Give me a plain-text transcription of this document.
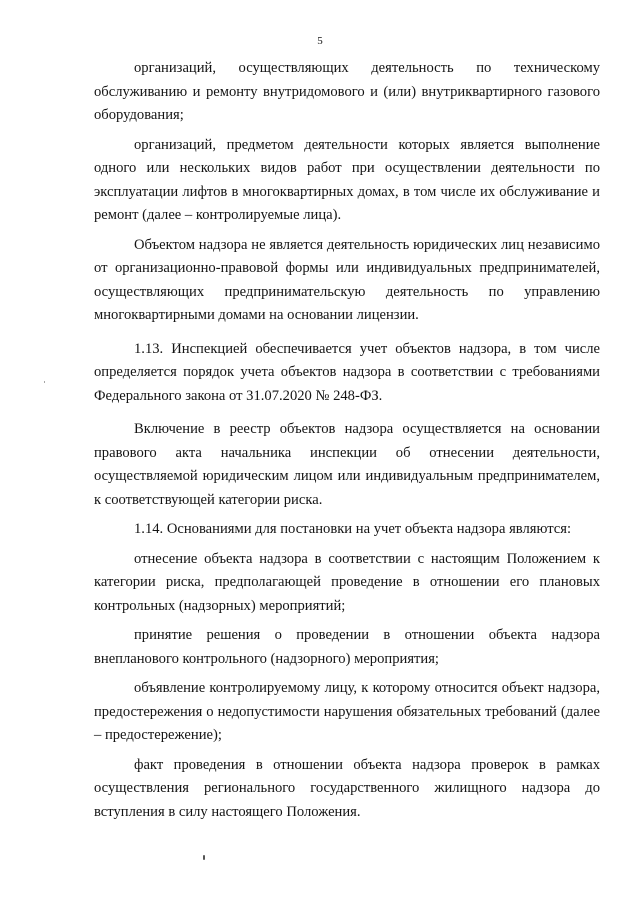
5

организаций, осуществляющих деятельность по техническому обслуживанию и ремонту внутридомового и (или) внутриквартирного газового оборудования;

организаций, предметом деятельности которых является выполнение одного или нескольких видов работ при осуществлении деятельности по эксплуатации лифтов в многоквартирных домах, в том числе их обслуживание и ремонт (далее – контролируемые лица).

Объектом надзора не является деятельность юридических лиц независимо от организационно-правовой формы или индивидуальных предпринимателей, осуществляющих предпринимательскую деятельность по управлению многоквартирными домами на основании лицензии.

1.13. Инспекцией обеспечивается учет объектов надзора, в том числе определяется порядок учета объектов надзора в соответствии с требованиями Федерального закона от 31.07.2020 № 248-ФЗ.

Включение в реестр объектов надзора осуществляется на основании правового акта начальника инспекции об отнесении деятельности, осуществляемой юридическим лицом или индивидуальным предпринимателем, к соответствующей категории риска.

1.14. Основаниями для постановки на учет объекта надзора являются:

отнесение объекта надзора в соответствии с настоящим Положением к категории риска, предполагающей проведение в отношении его плановых контрольных (надзорных) мероприятий;

принятие решения о проведении в отношении объекта надзора внепланового контрольного (надзорного) мероприятия;

объявление контролируемому лицу, к которому относится объект надзора, предостережения о недопустимости нарушения обязательных требований (далее – предостережение);

факт проведения в отношении объекта надзора проверок в рамках осуществления регионального государственного жилищного надзора до вступления в силу настоящего Положения.
